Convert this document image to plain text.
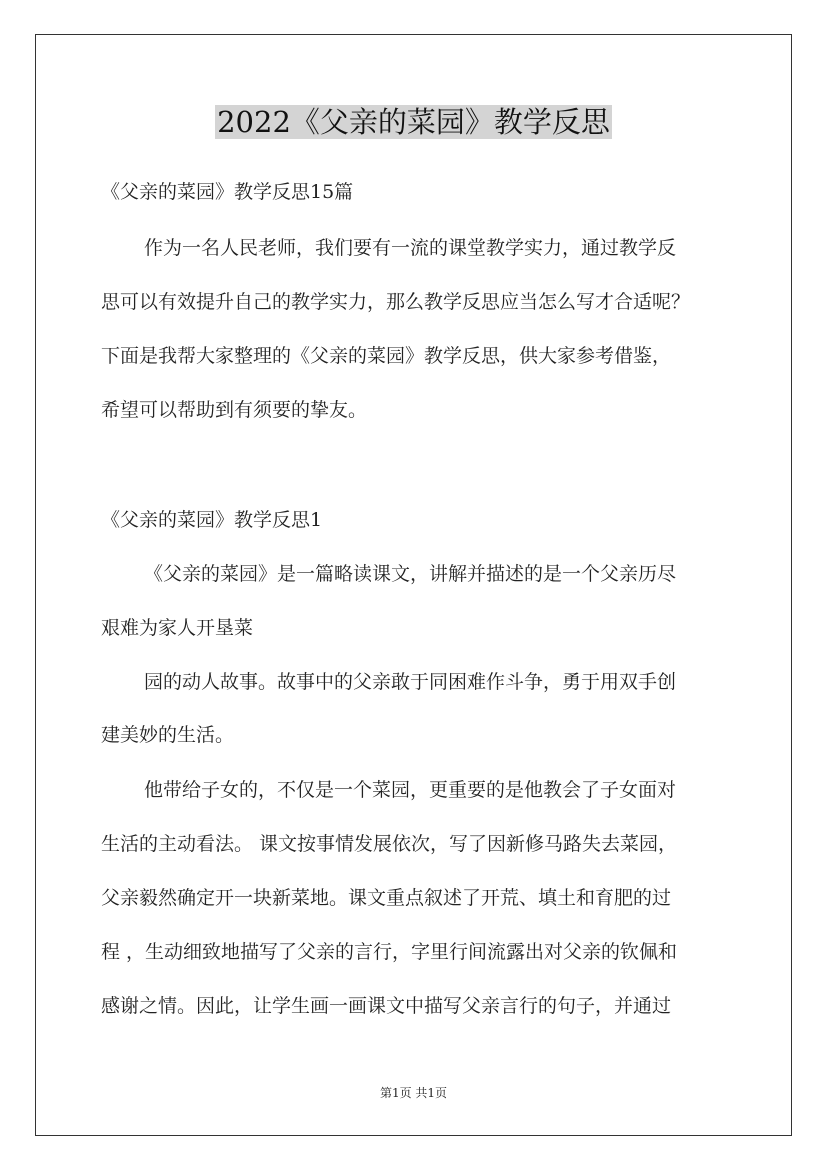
2022《父亲的菜园》教学反思
《父亲的菜园》教学反思15篇
作为一名人民老师，我们要有一流的课堂教学实力，通过教学反
思可以有效提升自己的教学实力，那么教学反思应当怎么写才合适呢？
下面是我帮大家整理的《父亲的菜园》教学反思，供大家参考借鉴，
希望可以帮助到有须要的挚友。
《父亲的菜园》教学反思1
《父亲的菜园》是一篇略读课文，讲解并描述的是一个父亲历尽
艰难为家人开垦菜
园的动人故事。故事中的父亲敢于同困难作斗争，勇于用双手创
建美妙的生活。
他带给子女的，不仅是一个菜园，更重要的是他教会了子女面对
生活的主动看法。 课文按事情发展依次，写了因新修马路失去菜园，
父亲毅然确定开一块新菜地。课文重点叙述了开荒、填土和育肥的过
程 ，生动细致地描写了父亲的言行，字里行间流露出对父亲的钦佩和
感谢之情。因此，让学生画一画课文中描写父亲言行的句子，并通过
第1页 共1页
